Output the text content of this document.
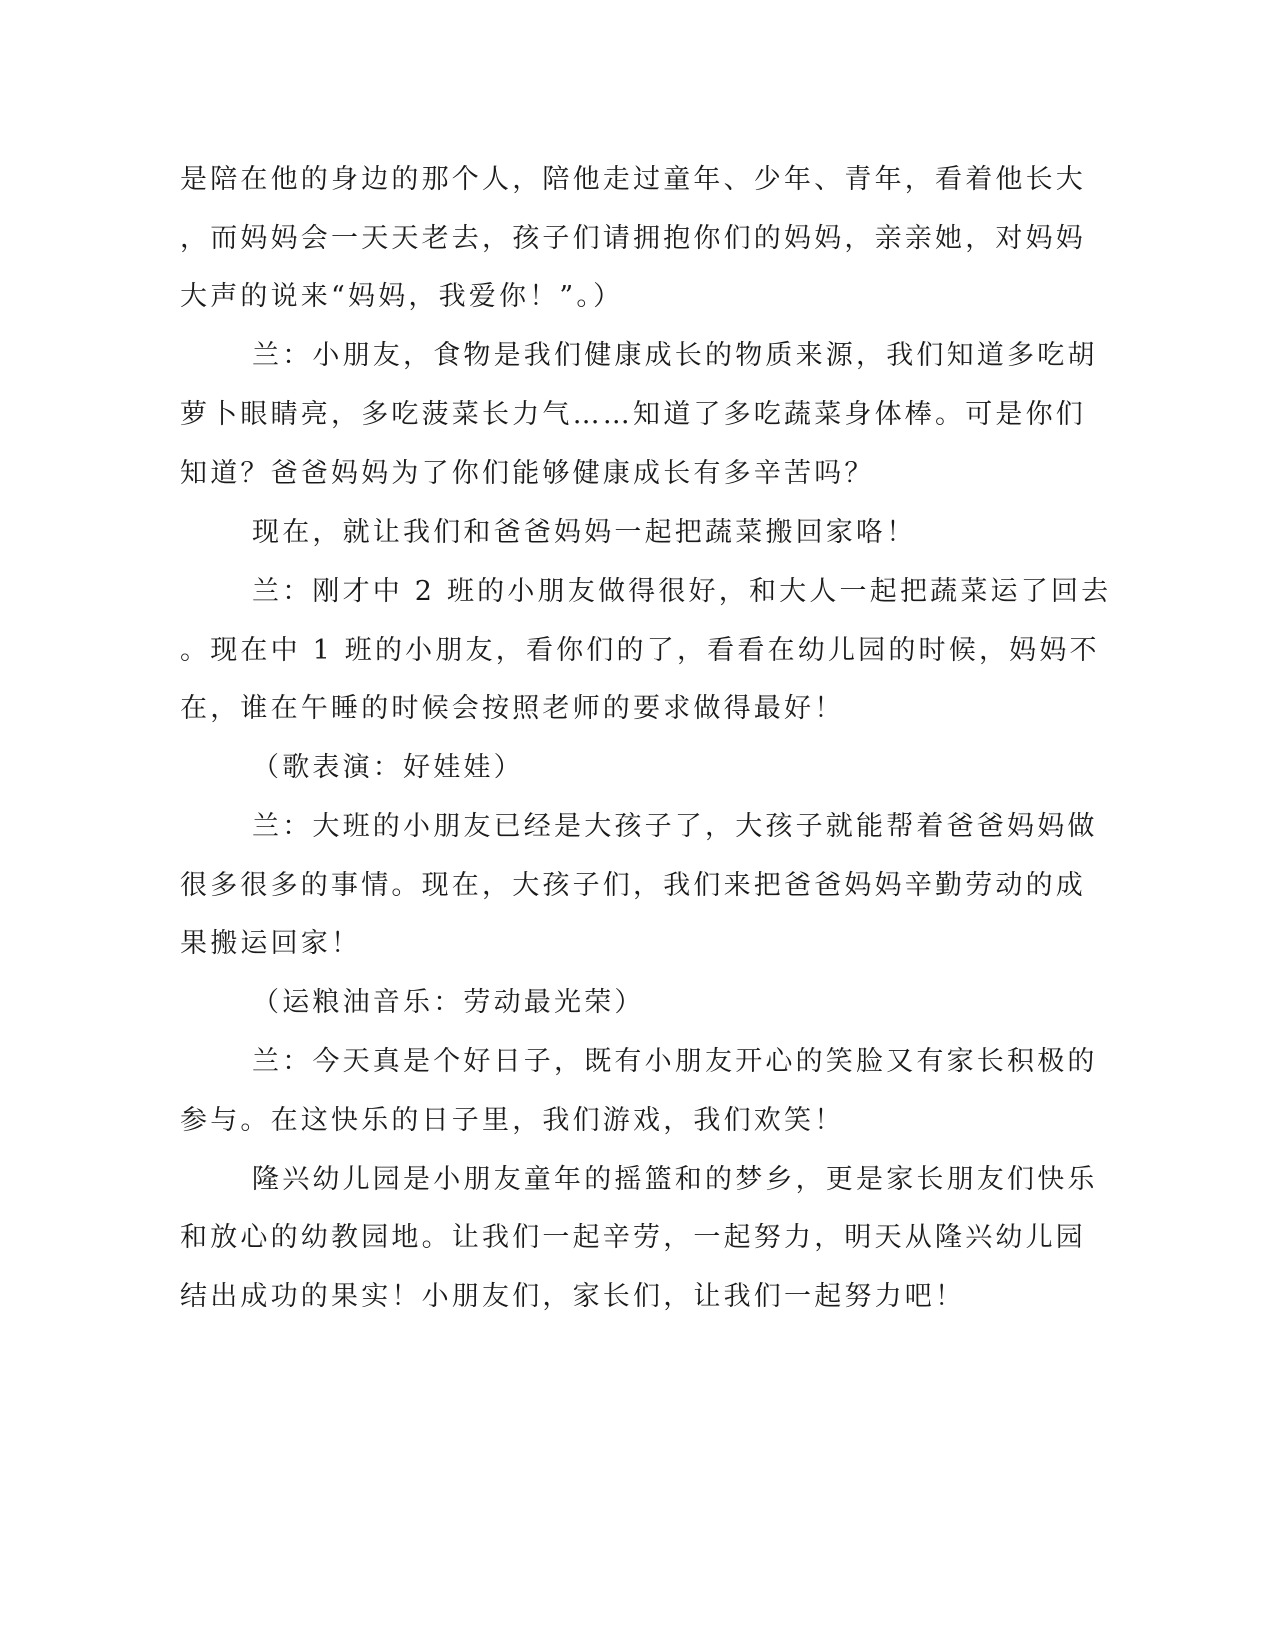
是陪在他的身边的那个人，陪他走过童年、少年、青年，看着他长大
，而妈妈会一天天老去，孩子们请拥抱你们的妈妈，亲亲她，对妈妈
大声的说来“妈妈，我爱你！”。）
兰：小朋友，食物是我们健康成长的物质来源，我们知道多吃胡
萝卜眼睛亮，多吃菠菜长力气……知道了多吃蔬菜身体棒。可是你们
知道？爸爸妈妈为了你们能够健康成长有多辛苦吗？
现在，就让我们和爸爸妈妈一起把蔬菜搬回家咯！
兰：刚才中 2 班的小朋友做得很好，和大人一起把蔬菜运了回去
。现在中 1 班的小朋友，看你们的了，看看在幼儿园的时候，妈妈不
在，谁在午睡的时候会按照老师的要求做得最好！
（歌表演：好娃娃）
兰：大班的小朋友已经是大孩子了，大孩子就能帮着爸爸妈妈做
很多很多的事情。现在，大孩子们，我们来把爸爸妈妈辛勤劳动的成
果搬运回家！
（运粮油音乐：劳动最光荣）
兰：今天真是个好日子，既有小朋友开心的笑脸又有家长积极的
参与。在这快乐的日子里，我们游戏，我们欢笑！
隆兴幼儿园是小朋友童年的摇篮和的梦乡，更是家长朋友们快乐
和放心的幼教园地。让我们一起辛劳，一起努力，明天从隆兴幼儿园
结出成功的果实！小朋友们，家长们，让我们一起努力吧！
